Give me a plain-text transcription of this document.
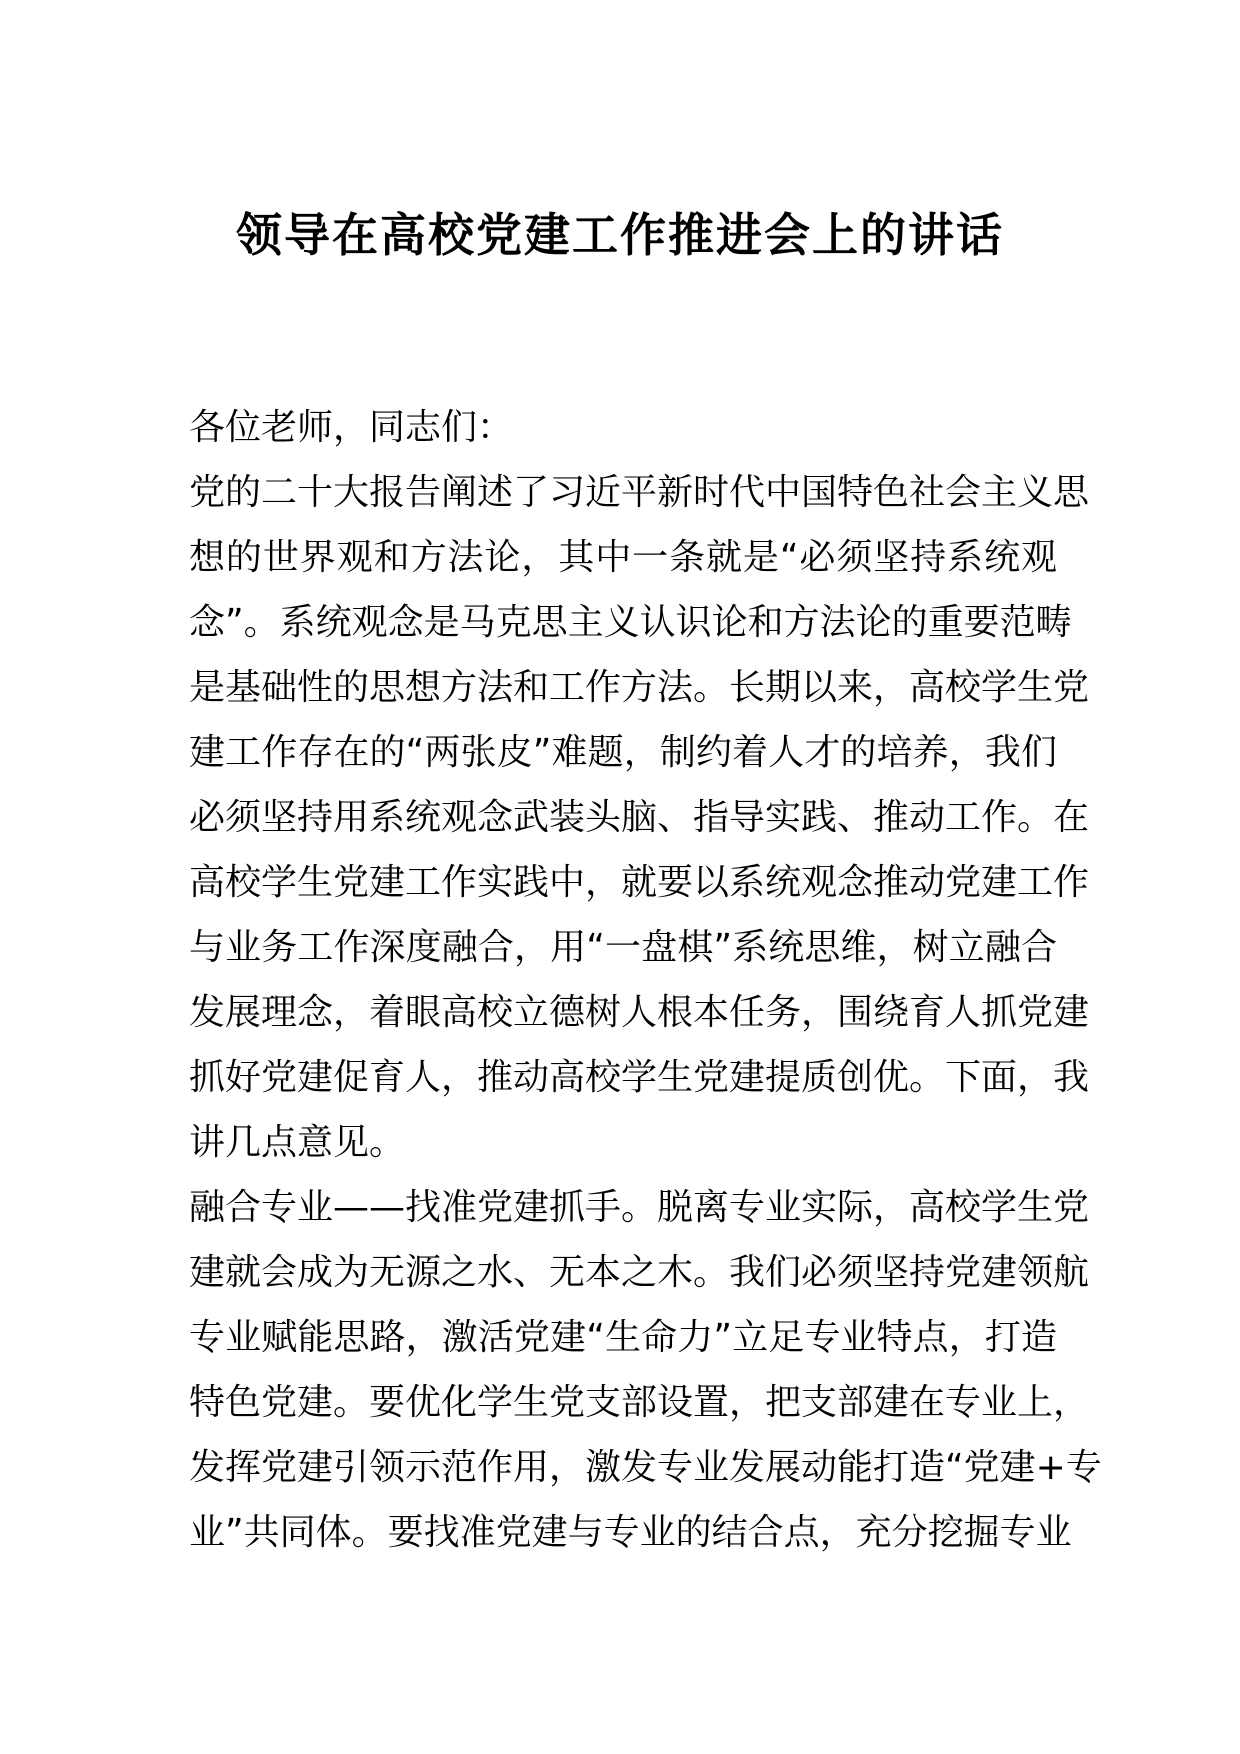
领导在高校党建工作推进会上的讲话
各位老师，同志们：
党的二十大报告阐述了习近平新时代中国特色社会主义思
想的世界观和方法论，其中一条就是“必须坚持系统观
念”。系统观念是马克思主义认识论和方法论的重要范畴
是基础性的思想方法和工作方法。长期以来，高校学生党
建工作存在的“两张皮”难题，制约着人才的培养，我们
必须坚持用系统观念武装头脑、指导实践、推动工作。在
高校学生党建工作实践中，就要以系统观念推动党建工作
与业务工作深度融合，用“一盘棋”系统思维，树立融合
发展理念，着眼高校立德树人根本任务，围绕育人抓党建
抓好党建促育人，推动高校学生党建提质创优。下面，我
讲几点意见。
融合专业——找准党建抓手。脱离专业实际，高校学生党
建就会成为无源之水、无本之木。我们必须坚持党建领航
专业赋能思路，激活党建“生命力”立足专业特点，打造
特色党建。要优化学生党支部设置，把支部建在专业上，
发挥党建引领示范作用，激发专业发展动能打造“党建+专
业”共同体。要找准党建与专业的结合点，充分挖掘专业
